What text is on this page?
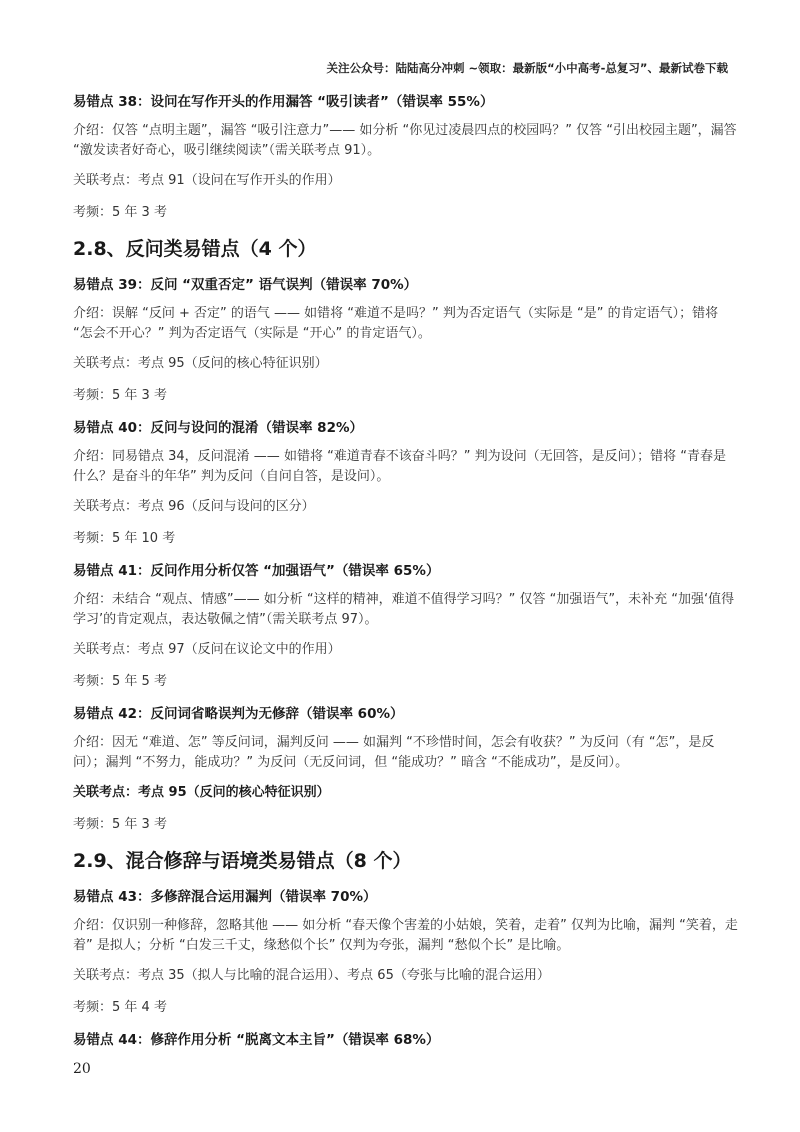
关注公众号：陆陆高分冲刺 ~领取：最新版“小中高考-总复习”、最新试卷下载
易错点 38：设问在写作开头的作用漏答 “吸引读者”（错误率 55%）
介绍：仅答 “点明主题”，漏答 “吸引注意力”—— 如分析 “你见过凌晨四点的校园吗？” 仅答 “引出校园主题”，漏答 “激发读者好奇心，吸引继续阅读”（需关联考点 91）。
关联考点：考点 91（设问在写作开头的作用）
考频：5 年 3 考
2.8、反问类易错点（4 个）
易错点 39：反问 “双重否定” 语气误判（错误率 70%）
介绍：误解 “反问 + 否定” 的语气 —— 如错将 “难道不是吗？” 判为否定语气（实际是 “是” 的肯定语气）；错将 “怎会不开心？” 判为否定语气（实际是 “开心” 的肯定语气）。
关联考点：考点 95（反问的核心特征识别）
考频：5 年 3 考
易错点 40：反问与设问的混淆（错误率 82%）
介绍：同易错点 34，反问混淆 —— 如错将 “难道青春不该奋斗吗？” 判为设问（无回答，是反问）；错将 “青春是什么？是奋斗的年华” 判为反问（自问自答，是设问）。
关联考点：考点 96（反问与设问的区分）
考频：5 年 10 考
易错点 41：反问作用分析仅答 “加强语气”（错误率 65%）
介绍：未结合 “观点、情感”—— 如分析 “这样的精神，难道不值得学习吗？” 仅答 “加强语气”，未补充 “加强‘值得学习’的肯定观点，表达敬佩之情”（需关联考点 97）。
关联考点：考点 97（反问在议论文中的作用）
考频：5 年 5 考
易错点 42：反问词省略误判为无修辞（错误率 60%）
介绍：因无 “难道、怎” 等反问词，漏判反问 —— 如漏判 “不珍惜时间，怎会有收获？” 为反问（有 “怎”，是反问）；漏判 “不努力，能成功？” 为反问（无反问词，但 “能成功？” 暗含 “不能成功”，是反问）。
关联考点：考点 95（反问的核心特征识别）
考频：5 年 3 考
2.9、混合修辞与语境类易错点（8 个）
易错点 43：多修辞混合运用漏判（错误率 70%）
介绍：仅识别一种修辞，忽略其他 —— 如分析 “春天像个害羞的小姑娘，笑着，走着” 仅判为比喻，漏判 “笑着，走着” 是拟人；分析 “白发三千丈，缘愁似个长” 仅判为夸张，漏判 “愁似个长” 是比喻。
关联考点：考点 35（拟人与比喻的混合运用）、考点 65（夸张与比喻的混合运用）
考频：5 年 4 考
易错点 44：修辞作用分析 “脱离文本主旨”（错误率 68%）
20
